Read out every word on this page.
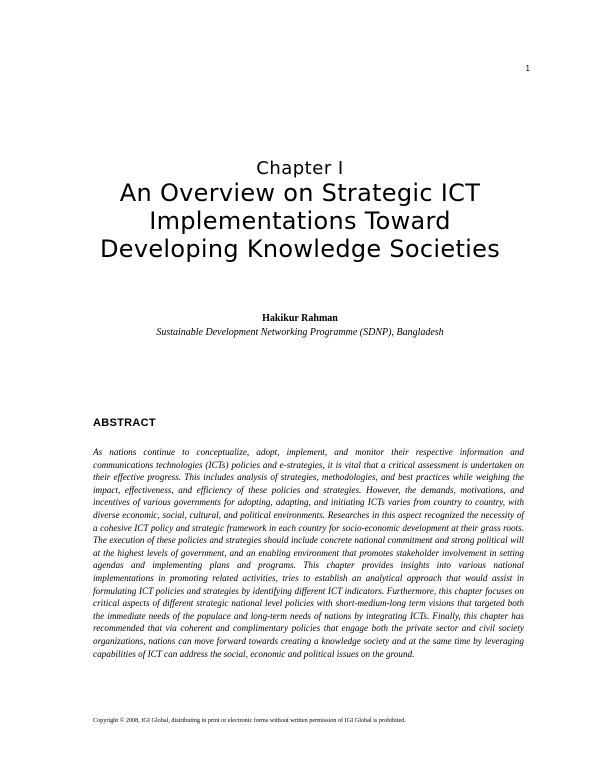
1
Chapter I
An Overview on Strategic ICT Implementations Toward Developing Knowledge Societies
Hakikur Rahman
Sustainable Development Networking Programme (SDNP), Bangladesh
ABSTRACT

As nations continue to conceptualize, adopt, implement, and monitor their respective information and communications technologies (ICTs) policies and e-strategies, it is vital that a critical assessment is undertaken on their effective progress. This includes analysis of strategies, methodologies, and best practices while weighing the impact, effectiveness, and efficiency of these policies and strategies. However, the demands, motivations, and incentives of various governments for adopting, adapting, and initiating ICTs varies from country to country, with diverse economic, social, cultural, and political environments. Researches in this aspect recognized the necessity of a cohesive ICT policy and strategic framework in each country for socio-economic development at their grass roots. The execution of these policies and strategies should include concrete national commitment and strong political will at the highest levels of government, and an enabling environment that promotes stakeholder involvement in setting agendas and implementing plans and programs. This chapter provides insights into various national implementations in promoting related activities, tries to establish an analytical approach that would assist in formulating ICT policies and strategies by identifying different ICT indicators. Furthermore, this chapter focuses on critical aspects of different strategic national level policies with short-medium-long term visions that targeted both the immediate needs of the populace and long-term needs of nations by integrating ICTs. Finally, this chapter has recommended that via coherent and complimentary policies that engage both the private sector and civil society organizations, nations can move forward towards creating a knowledge society and at the same time by leveraging capabilities of ICT can address the social, economic and political issues on the ground.

Copyright © 2008, IGI Global, distributing in print or electronic forms without written permission of IGI Global is prohibited.
